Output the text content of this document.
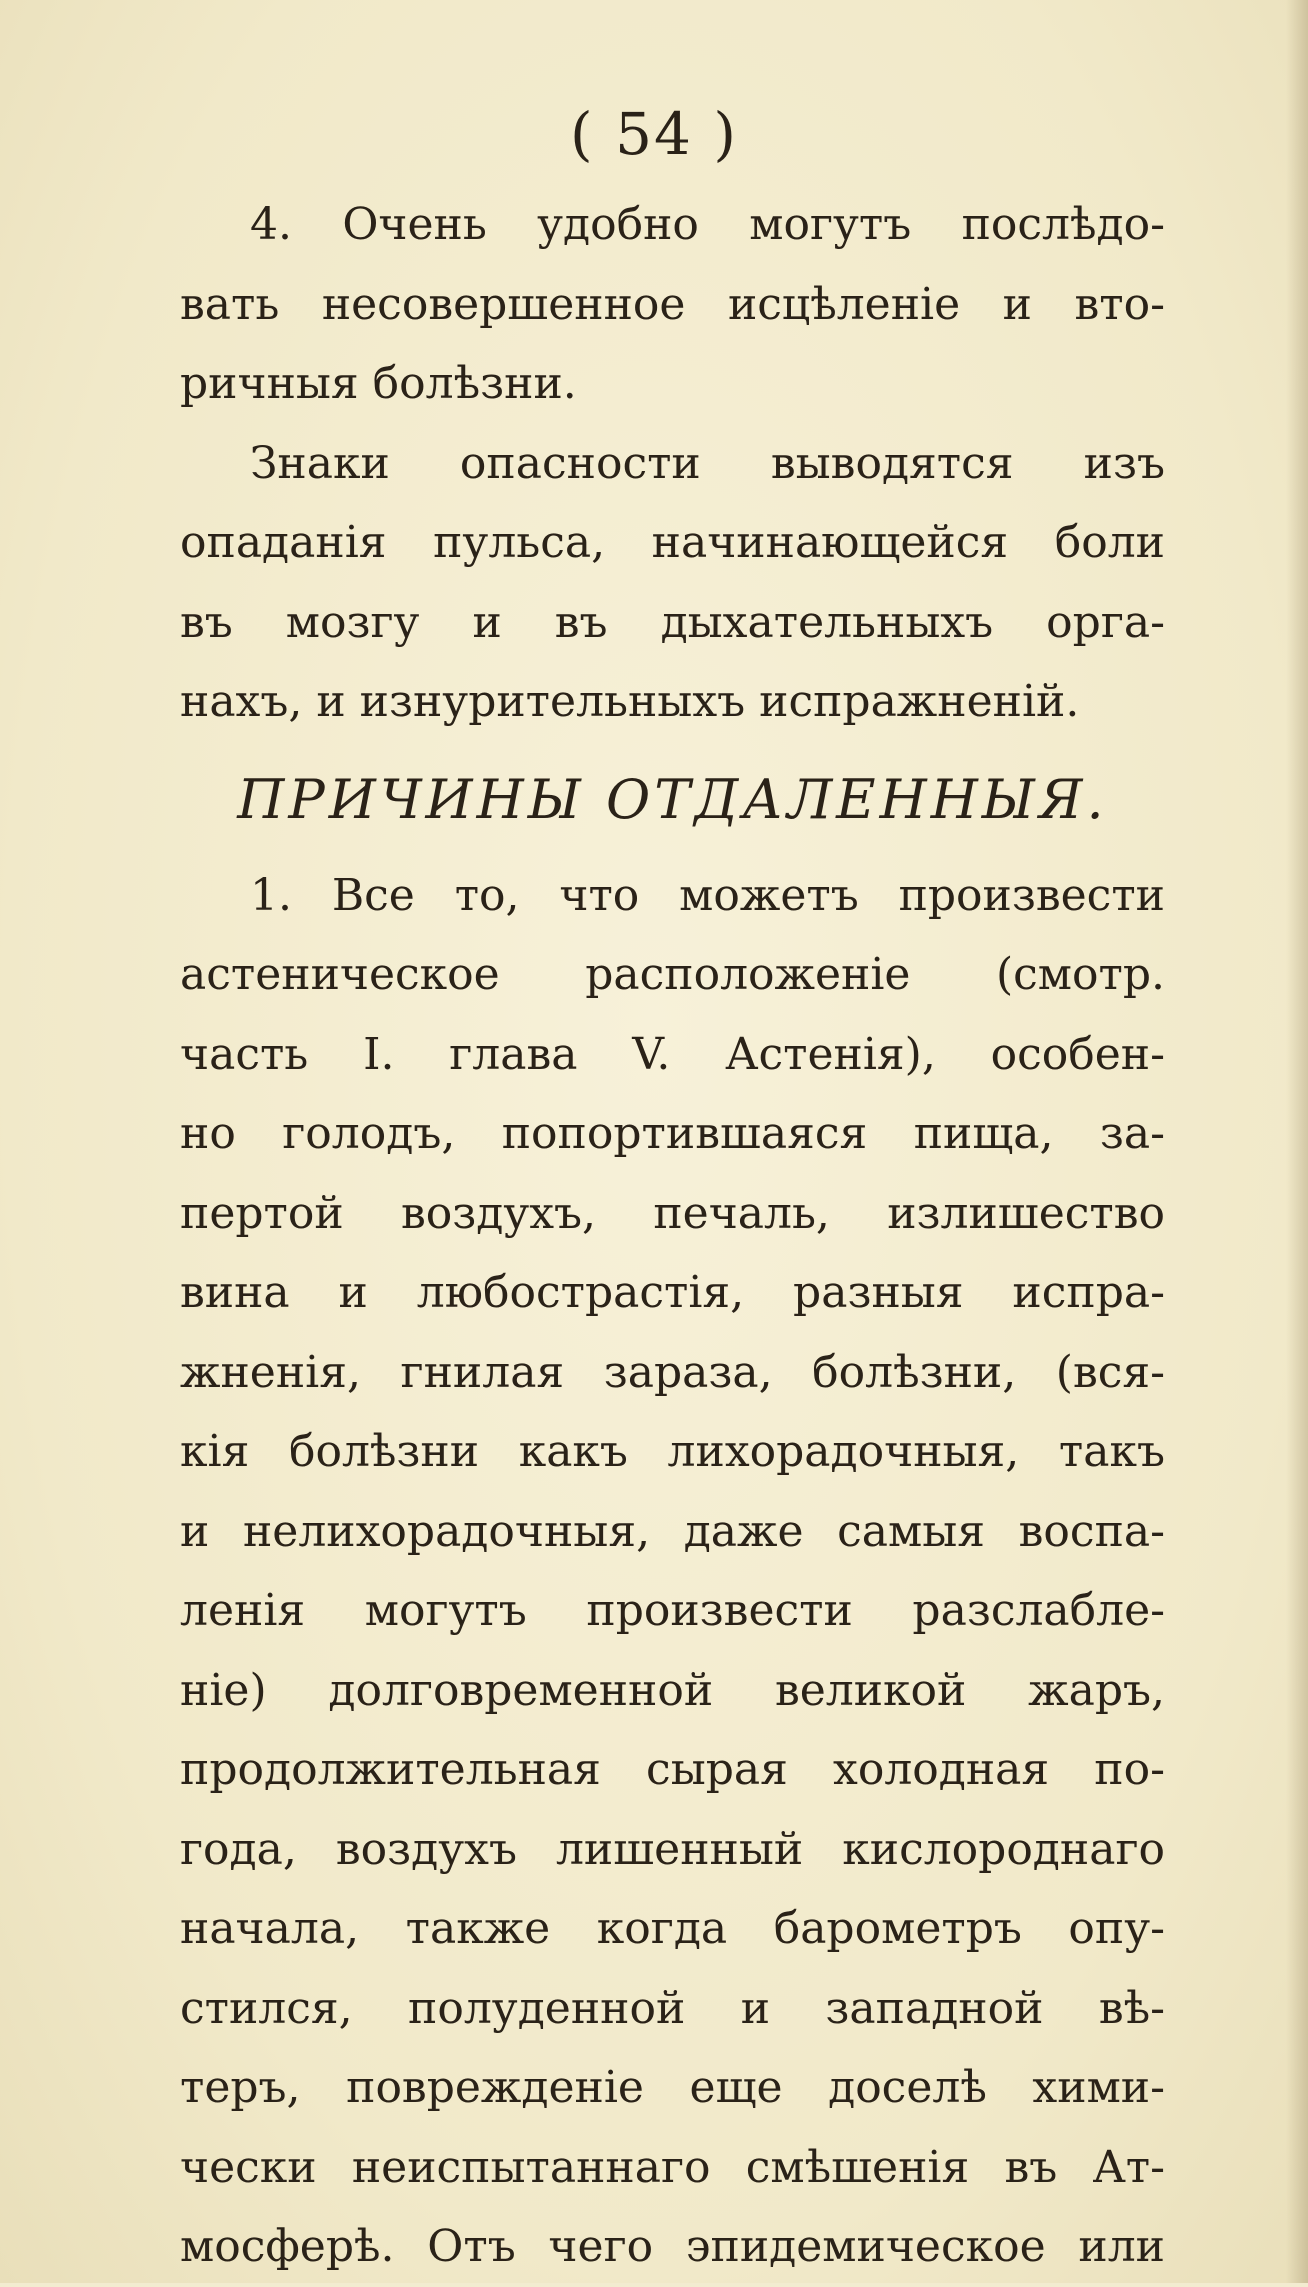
( 54 )
4. Очень удобно могутъ послѣдо-
вать несовершенное исцѣленіе и вто-
ричныя болѣзни.
Знаки опасности выводятся изъ
опаданія пульса, начинающейся боли
въ мозгу и въ дыхательныхъ орга-
нахъ, и изнурительныхъ испражненій.
ПРИЧИНЫ ОТДАЛЕННЫЯ.
1. Все то, что можетъ произвести
астеническое расположеніе (смотр.
часть I. глава V. Астенія), особен-
но голодъ, попортившаяся пища, за-
пертой воздухъ, печаль, излишество
вина и любострастія, разныя испра-
жненія, гнилая зараза, болѣзни, (вся-
кія болѣзни какъ лихорадочныя, такъ
и нелихорадочныя, даже самыя воспа-
ленія могутъ произвести разслабле-
ніе) долговременной великой жаръ,
продолжительная сырая холодная по-
года, воздухъ лишенный кислороднаго
начала, также когда барометръ опу-
стился, полуденной и западной вѣ-
теръ, поврежденіе еще доселѣ хими-
чески неиспытаннаго смѣшенія въ Ат-
мосферѣ. Отъ чего эпидемическое или
